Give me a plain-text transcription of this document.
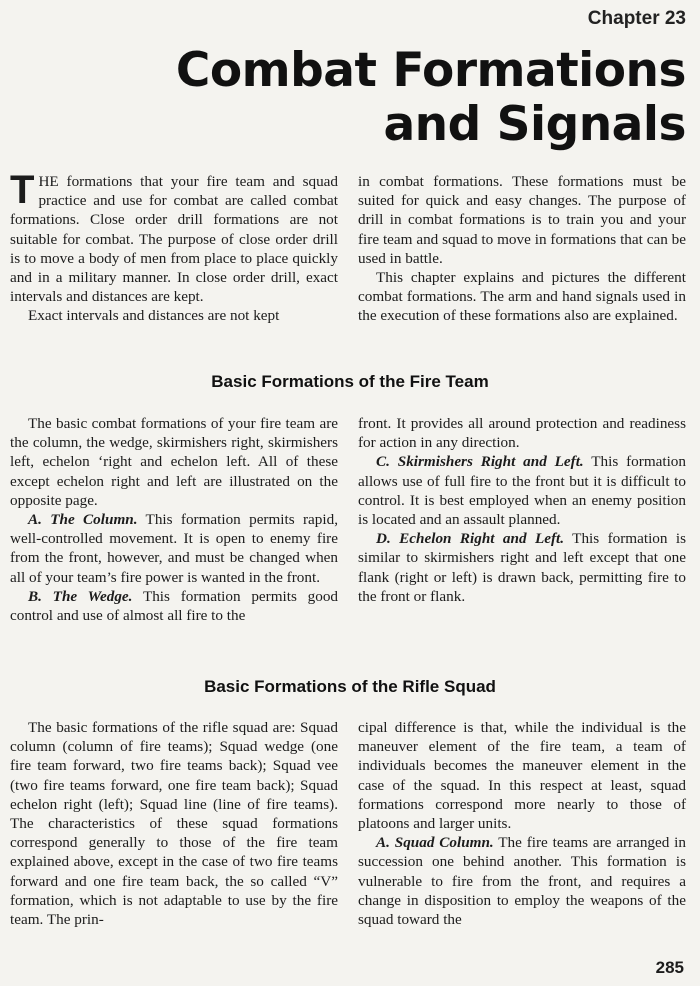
Chapter 23
Combat Formations
and Signals

THE formations that your fire team and squad practice and use for combat are called combat formations. Close order drill formations are not suitable for combat. The purpose of close order drill is to move a body of men from place to place quickly and in a military manner. In close order drill, exact intervals and distances are kept.

Exact intervals and distances are not kept

in combat formations. These formations must be suited for quick and easy changes. The purpose of drill in combat formations is to train you and your fire team and squad to move in formations that can be used in battle.

This chapter explains and pictures the different combat formations. The arm and hand signals used in the execution of these formations also are explained.

Basic Formations of the Fire Team

The basic combat formations of your fire team are the column, the wedge, skirmishers right, skirmishers left, echelon ‘right and echelon left. All of these except echelon right and left are illustrated on the opposite page.

A. The Column. This formation permits rapid, well-controlled movement. It is open to enemy fire from the front, however, and must be changed when all of your team’s fire power is wanted in the front.

B. The Wedge. This formation permits good control and use of almost all fire to the

front. It provides all around protection and readiness for action in any direction.

C. Skirmishers Right and Left. This formation allows use of full fire to the front but it is difficult to control. It is best employed when an enemy position is located and an assault planned.

D. Echelon Right and Left. This formation is similar to skirmishers right and left except that one flank (right or left) is drawn back, permitting fire to the front or flank.

Basic Formations of the Rifle Squad

The basic formations of the rifle squad are: Squad column (column of fire teams); Squad wedge (one fire team forward, two fire teams back); Squad vee (two fire teams forward, one fire team back); Squad echelon right (left); Squad line (line of fire teams). The characteristics of these squad formations correspond generally to those of the fire team explained above, except in the case of two fire teams forward and one fire team back, the so called “V” formation, which is not adaptable to use by the fire team. The prin-

cipal difference is that, while the individual is the maneuver element of the fire team, a team of individuals becomes the maneuver element in the case of the squad. In this respect at least, squad formations correspond more nearly to those of platoons and larger units.

A. Squad Column. The fire teams are arranged in succession one behind another. This formation is vulnerable to fire from the front, and requires a change in disposition to employ the weapons of the squad toward the

285
